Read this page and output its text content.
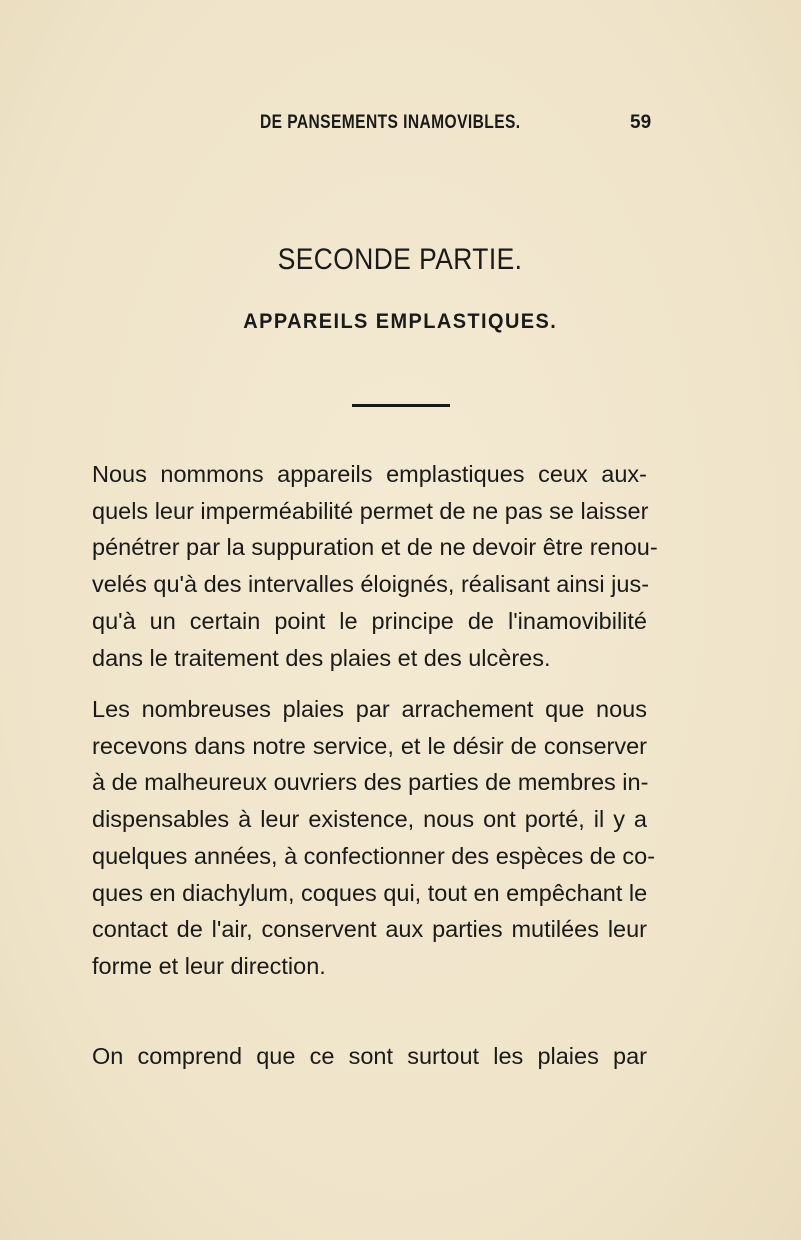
DE PANSEMENTS INAMOVIBLES.	59
SECONDE PARTIE.
APPAREILS EMPLASTIQUES.
Nous nommons appareils emplastiques ceux aux-
quels leur imperméabilité permet de ne pas se laisser
pénétrer par la suppuration et de ne devoir être renou-
velés qu'à des intervalles éloignés, réalisant ainsi jus-
qu'à un certain point le principe de l'inamovibilité
dans le traitement des plaies et des ulcères.
Les nombreuses plaies par arrachement que nous
recevons dans notre service, et le désir de conserver
à de malheureux ouvriers des parties de membres in-
dispensables à leur existence, nous ont porté, il y a
quelques années, à confectionner des espèces de co-
ques en diachylum, coques qui, tout en empêchant le
contact de l'air, conservent aux parties mutilées leur
forme et leur direction.
On comprend que ce sont surtout les plaies par
